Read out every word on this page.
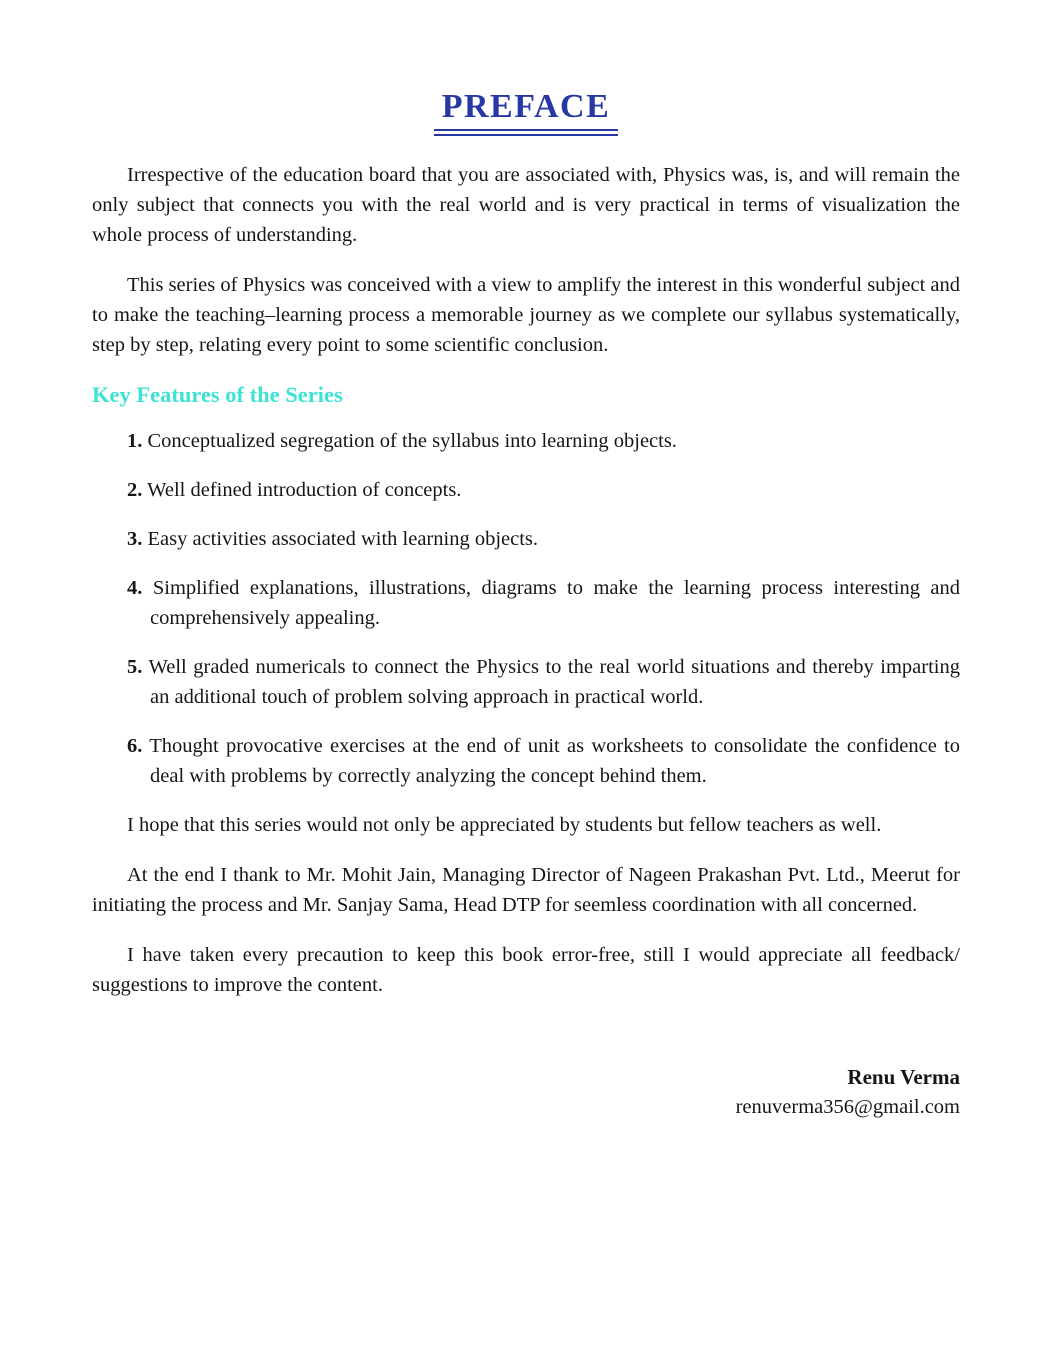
PREFACE

Irrespective of the education board that you are associated with, Physics was, is, and will remain the only subject that connects you with the real world and is very practical in terms of visualization the whole process of understanding.

This series of Physics was conceived with a view to amplify the interest in this wonderful subject and to make the teaching–learning process a memorable journey as we complete our syllabus systematically, step by step, relating every point to some scientific conclusion.

Key Features of the Series
1. Conceptualized segregation of the syllabus into learning objects.
2. Well defined introduction of concepts.
3. Easy activities associated with learning objects.
4. Simplified explanations, illustrations, diagrams to make the learning process interesting and comprehensively appealing.
5. Well graded numericals to connect the Physics to the real world situations and thereby imparting an additional touch of problem solving approach in practical world.
6. Thought provocative exercises at the end of unit as worksheets to consolidate the confidence to deal with problems by correctly analyzing the concept behind them.

I hope that this series would not only be appreciated by students but fellow teachers as well.

At the end I thank to Mr. Mohit Jain, Managing Director of Nageen Prakashan Pvt. Ltd., Meerut for initiating the process and Mr. Sanjay Sama, Head DTP for seemless coordination with all concerned.

I have taken every precaution to keep this book error-free, still I would appreciate all feedback/ suggestions to improve the content.

Renu Verma
renuverma356@gmail.com
